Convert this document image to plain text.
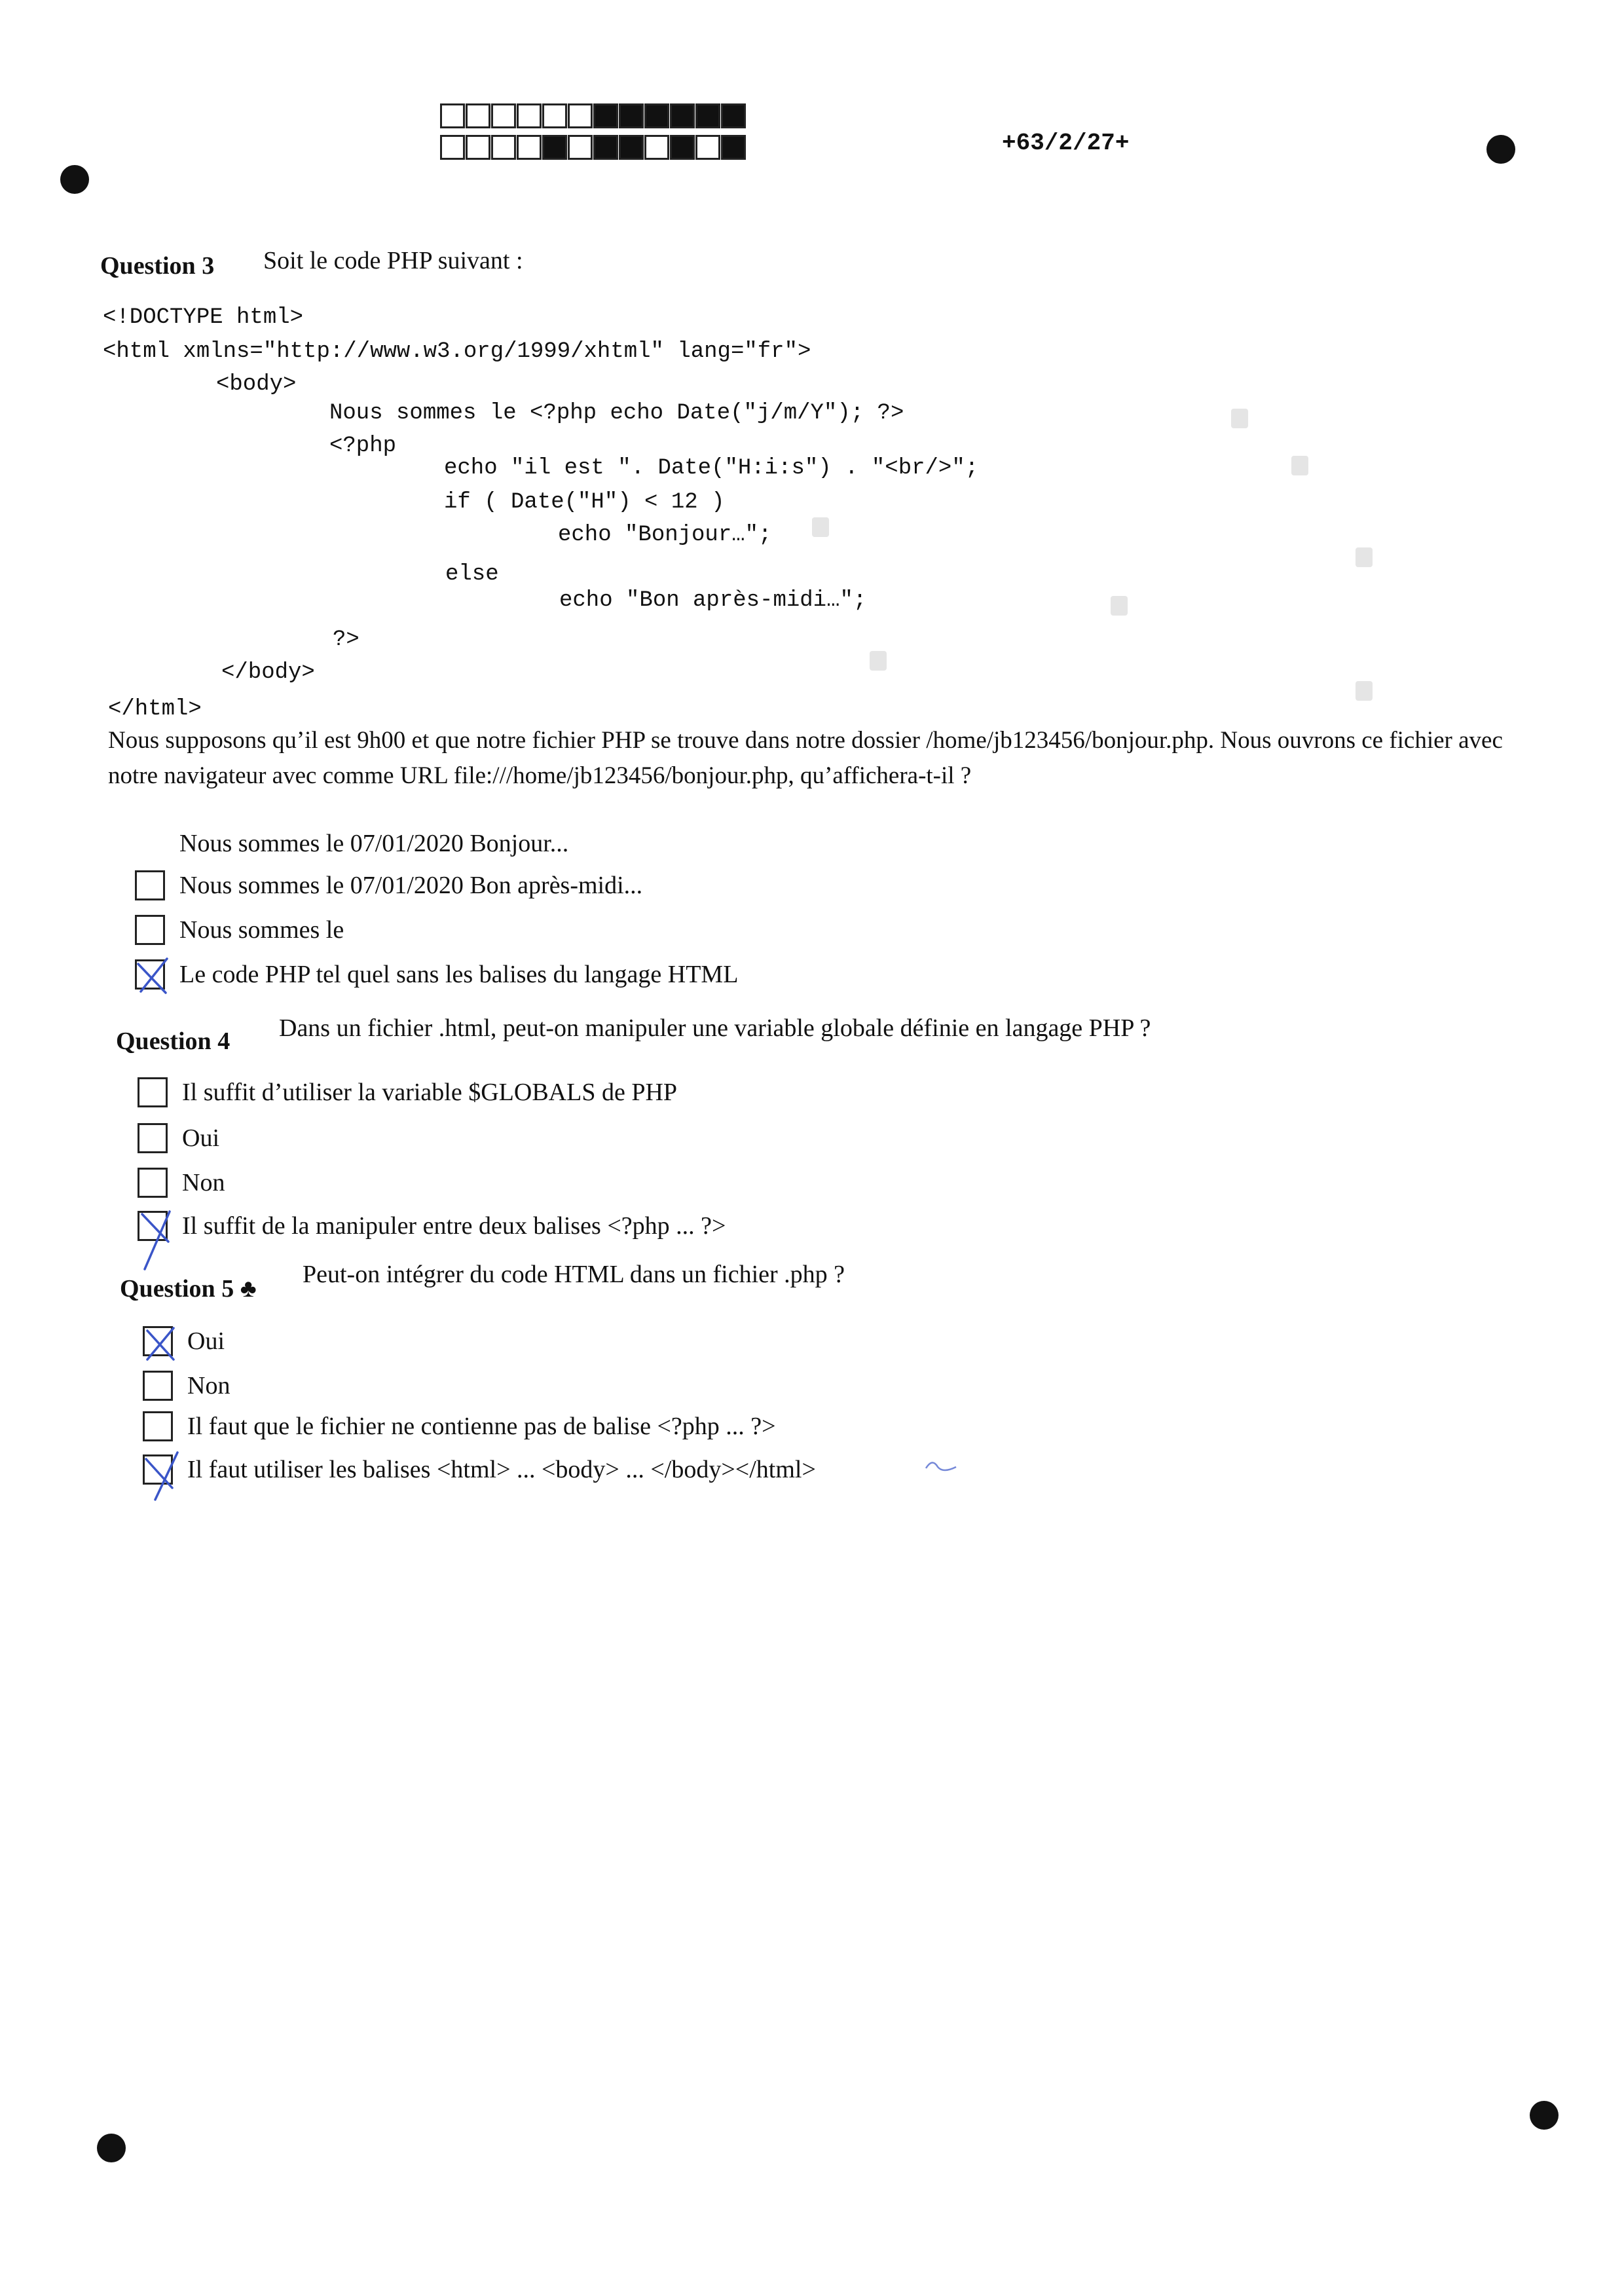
+63/2/27+
Question 3 Soit le code PHP suivant :
<!DOCTYPE html>
<html xmlns="http://www.w3.org/1999/xhtml" lang="fr">
<body>
Nous sommes le <?php echo Date("j/m/Y"); ?>
<?php
echo "il est ". Date("H:i:s") . "<br/>";
if ( Date("H") < 12 )
echo "Bonjour…";
else
echo "Bon après-midi…";
?>
</body>
</html>
Nous supposons qu’il est 9h00 et que notre fichier PHP se trouve dans notre dossier /home/jb123456/bonjour.php. Nous ouvrons ce fichier avec notre navigateur avec comme URL file:///home/jb123456/bonjour.php, qu’affichera-t-il ?
Nous sommes le 07/01/2020 Bonjour...
Nous sommes le 07/01/2020 Bon après-midi...
Nous sommes le
Le code PHP tel quel sans les balises du langage HTML
Question 4 Dans un fichier .html, peut-on manipuler une variable globale définie en langage PHP ?
Il suffit d’utiliser la variable $GLOBALS de PHP
Oui
Non
Il suffit de la manipuler entre deux balises <?php ... ?>
Question 5 ♣
Peut-on intégrer du code HTML dans un fichier .php ?
Oui
Non
Il faut que le fichier ne contienne pas de balise <?php ... ?>
Il faut utiliser les balises <html> ... <body> ... </body></html>
